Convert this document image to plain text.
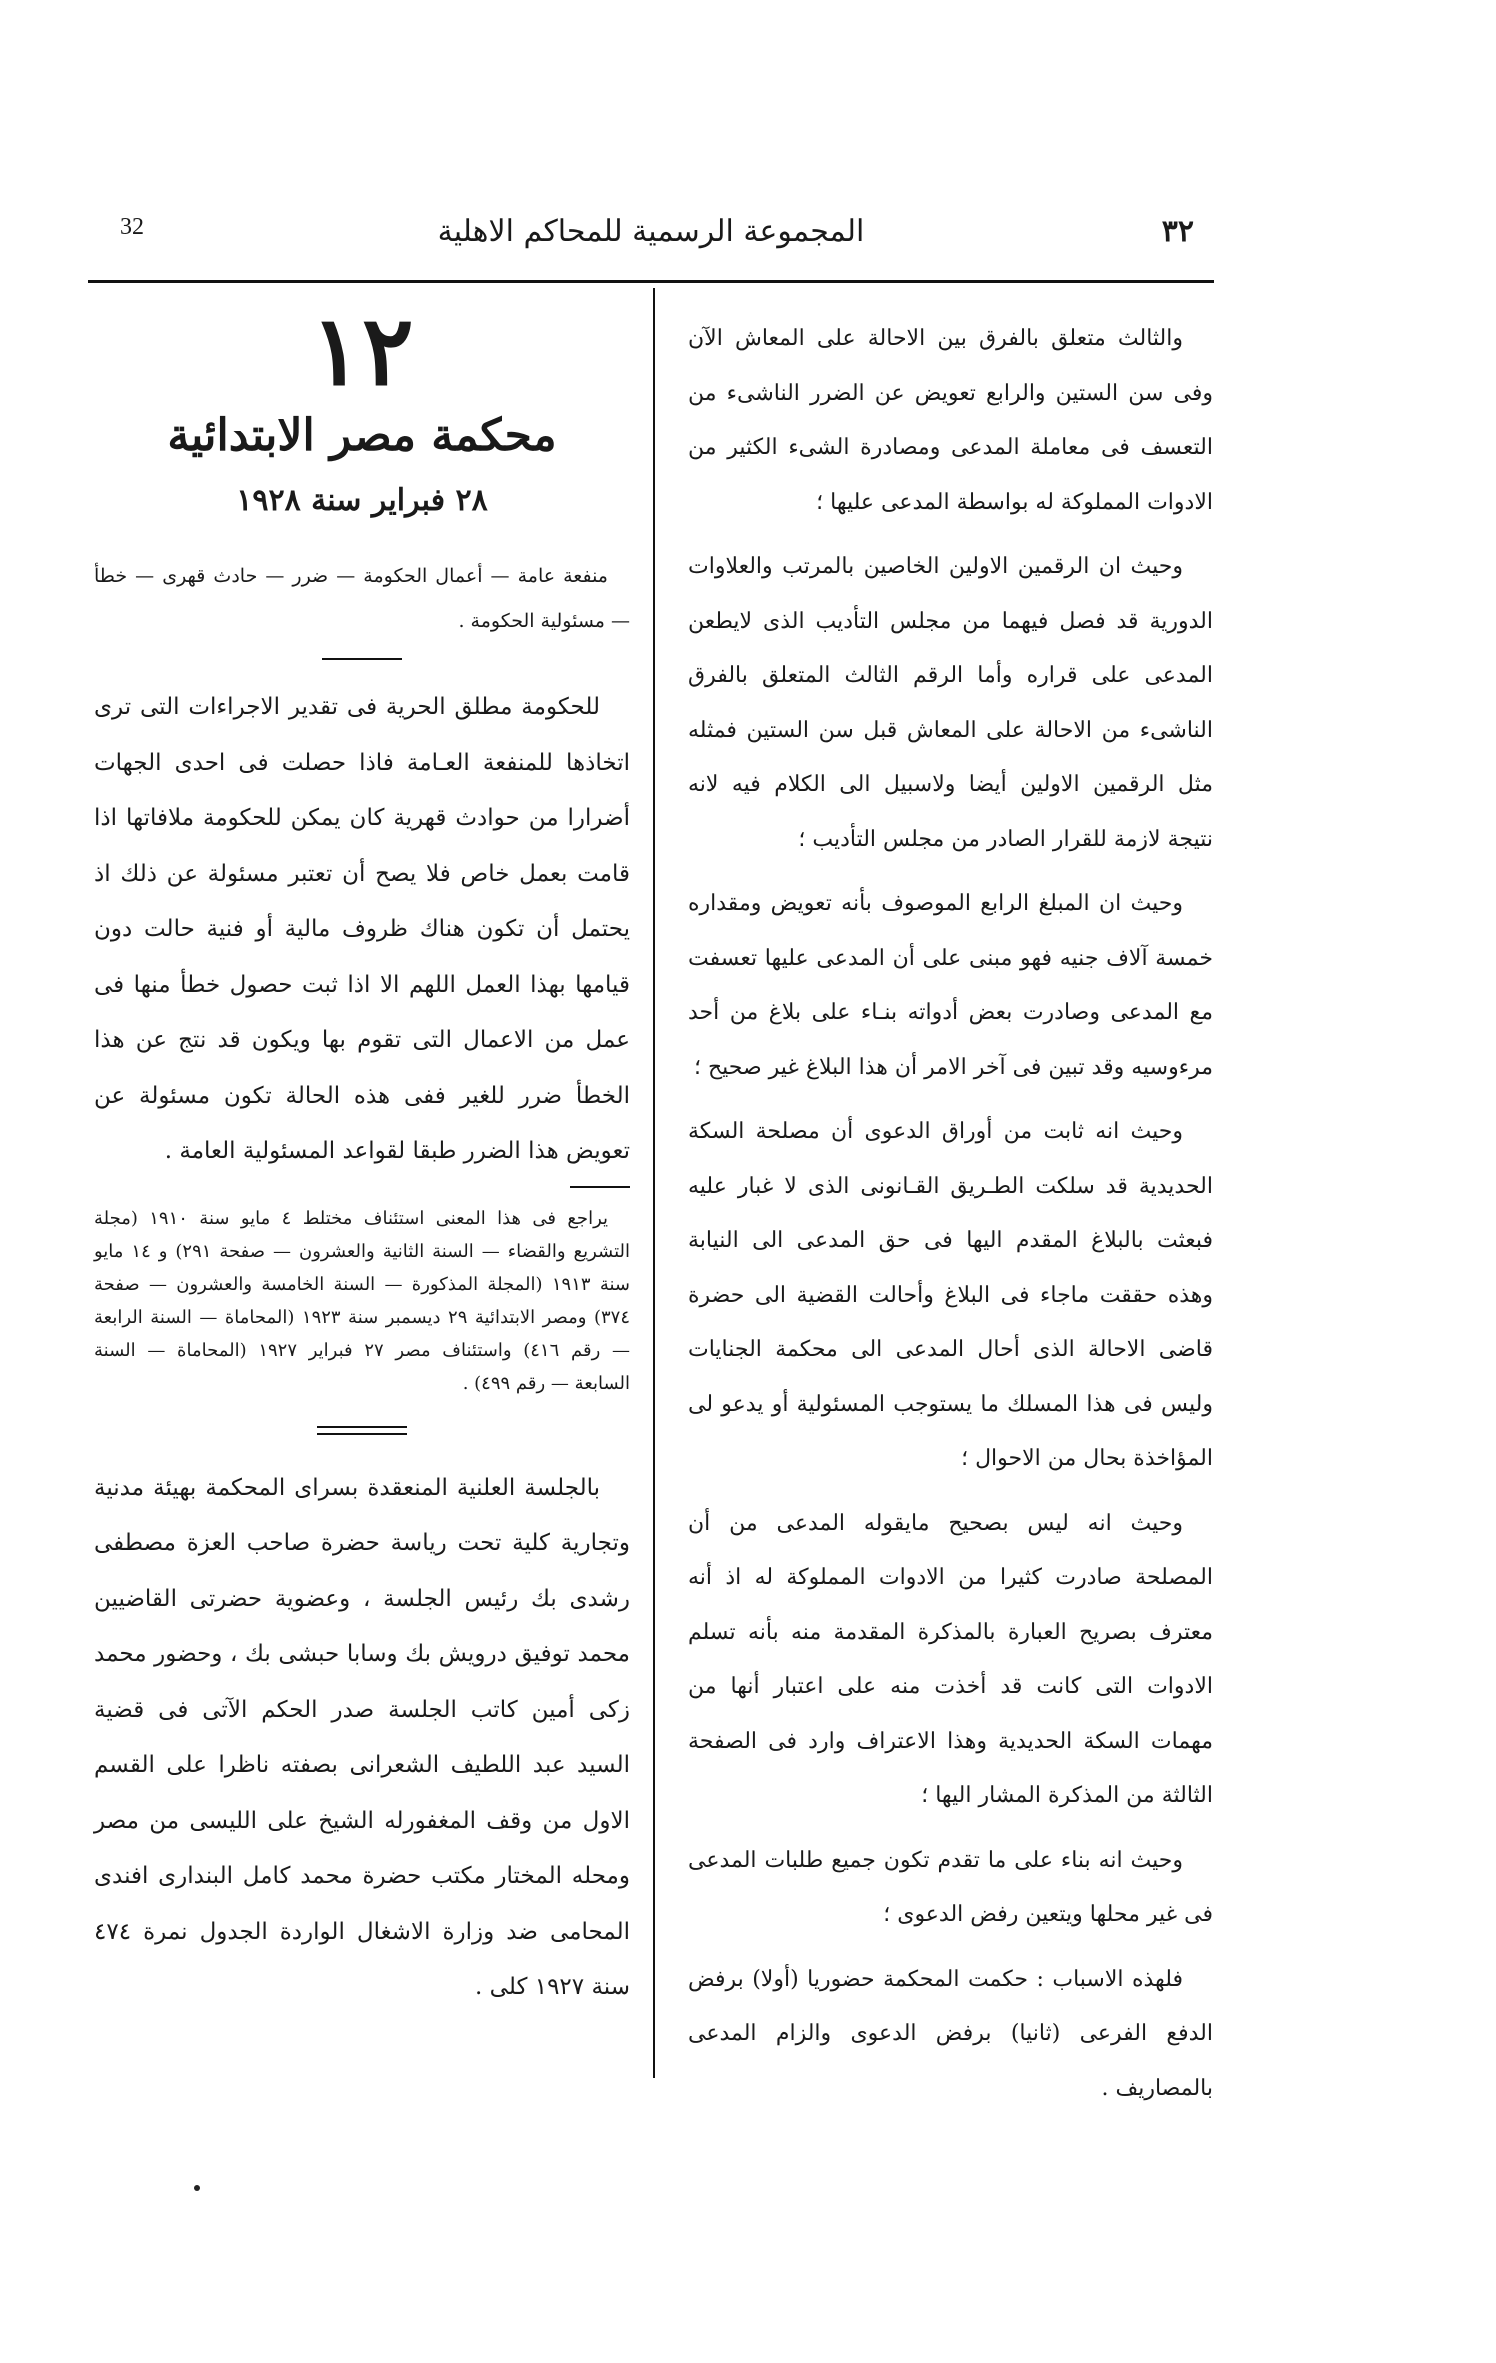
32	المجموعة الرسمية للمحاكم الاهلية	٣٢

والثالث متعلق بالفرق بين الاحالة على المعاش الآن وفى سن الستين والرابع تعويض عن الضرر الناشىء من التعسف فى معاملة المدعى ومصادرة الشىء الكثير من الادوات المملوكة له بواسطة المدعى عليها ؛

وحيث ان الرقمين الاولين الخاصين بالمرتب والعلاوات الدورية قد فصل فيهما من مجلس التأديب الذى لايطعن المدعى على قراره وأما الرقم الثالث المتعلق بالفرق الناشىء من الاحالة على المعاش قبل سن الستين فمثله مثل الرقمين الاولين أيضا ولاسبيل الى الكلام فيه لانه نتيجة لازمة للقرار الصادر من مجلس التأديب ؛

وحيث ان المبلغ الرابع الموصوف بأنه تعويض ومقداره خمسة آلاف جنيه فهو مبنى على أن المدعى عليها تعسفت مع المدعى وصادرت بعض أدواته بنـاء على بلاغ من أحد مرءوسيه وقد تبين فى آخر الامر أن هذا البلاغ غير صحيح ؛

وحيث انه ثابت من أوراق الدعوى أن مصلحة السكة الحديدية قد سلكت الطـريق القـانونى الذى لا غبار عليه فبعثت بالبلاغ المقدم اليها فى حق المدعى الى النيابة وهذه حققت ماجاء فى البلاغ وأحالت القضية الى حضرة قاضى الاحالة الذى أحال المدعى الى محكمة الجنايات وليس فى هذا المسلك ما يستوجب المسئولية أو يدعو لى المؤاخذة بحال من الاحوال ؛

وحيث انه ليس بصحيح مايقوله المدعى من أن المصلحة صادرت كثيرا من الادوات المملوكة له اذ أنه معترف بصريح العبارة بالمذكرة المقدمة منه بأنه تسلم الادوات التى كانت قد أخذت منه على اعتبار أنها من مهمات السكة الحديدية وهذا الاعتراف وارد فى الصفحة الثالثة من المذكرة المشار اليها ؛

وحيث انه بناء على ما تقدم تكون جميع طلبات المدعى فى غير محلها ويتعين رفض الدعوى ؛

فلهذه الاسباب : حكمت المحكمة حضوريا (أولا) برفض الدفع الفرعى (ثانيا) برفض الدعوى والزام المدعى بالمصاريف .

١٢
محكمة مصر الابتدائية
٢٨ فبراير سنة ١٩٢٨
منفعة عامة — أعمال الحكومة — ضرر — حادث قهرى — خطأ — مسئولية الحكومة .

للحكومة مطلق الحرية فى تقدير الاجراءات التى ترى اتخاذها للمنفعة العـامة فاذا حصلت فى احدى الجهات أضرارا من حوادث قهرية كان يمكن للحكومة ملافاتها اذا قامت بعمل خاص فلا يصح أن تعتبر مسئولة عن ذلك اذ يحتمل أن تكون هناك ظروف مالية أو فنية حالت دون قيامها بهذا العمل اللهم الا اذا ثبت حصول خطأ منها فى عمل من الاعمال التى تقوم بها ويكون قد نتج عن هذا الخطأ ضرر للغير ففى هذه الحالة تكون مسئولة عن تعويض هذا الضرر طبقا لقواعد المسئولية العامة .

يراجع فى هذا المعنى استئناف مختلط ٤ مايو سنة ١٩١٠ (مجلة التشريع والقضاء — السنة الثانية والعشرون — صفحة ٢٩١) و ١٤ مايو سنة ١٩١٣ (المجلة المذكورة — السنة الخامسة والعشرون — صفحة ٣٧٤) ومصر الابتدائية ٢٩ ديسمبر سنة ١٩٢٣ (المحاماة — السنة الرابعة — رقم ٤١٦) واستئناف مصر ٢٧ فبراير ١٩٢٧ (المحاماة — السنة السابعة — رقم ٤٩٩) .

بالجلسة العلنية المنعقدة بسراى المحكمة بهيئة مدنية وتجارية كلية تحت رياسة حضرة صاحب العزة مصطفى رشدى بك رئيس الجلسة ، وعضوية حضرتى القاضيين محمد توفيق درويش بك وسابا حبشى بك ، وحضور محمد زكى أمين كاتب الجلسة صدر الحكم الآتى فى قضية السيد عبد اللطيف الشعرانى بصفته ناظرا على القسم الاول من وقف المغفورله الشيخ على الليسى من مصر ومحله المختار مكتب حضرة محمد كامل البندارى افندى المحامى ضد وزارة الاشغال الواردة الجدول نمرة ٤٧٤ سنة ١٩٢٧ كلى .
